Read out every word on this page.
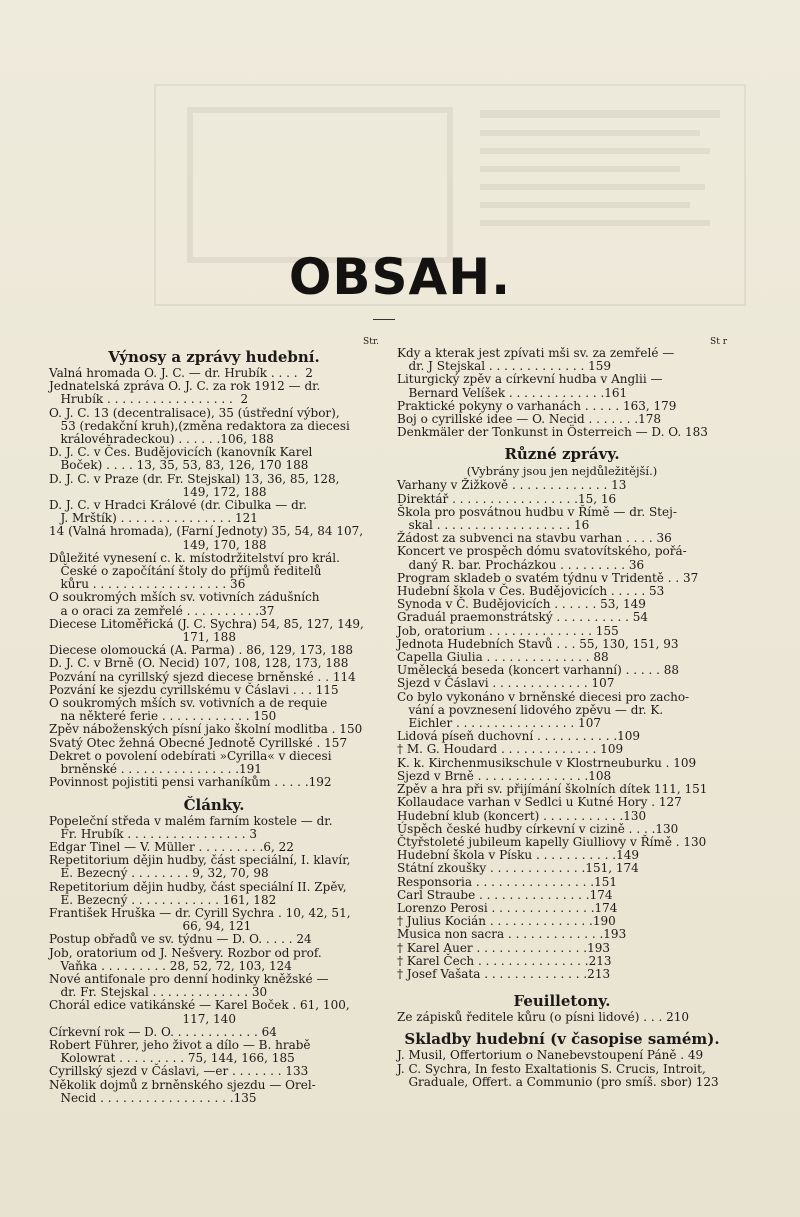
OBSAH.
Str.
Výnosy a zprávy hudební.
Valná hromada O. J. C. — dr. Hrubík . . . .  2
Jednatelská zpráva O. J. C. za rok 1912 — dr.
Hrubík . . . . . . . . . . . . . . . . .  2
O. J. C. 13 (decentralisace), 35 (ústřední výbor),
53 (redakční kruh),(změna redaktora za diecesi
královéhradeckou) . . . . . .106, 188
D. J. C. v Čes. Budějovicích (kanovník Karel
Boček) . . . . 13, 35, 53, 83, 126, 170 188
D. J. C. v Praze (dr. Fr. Stejskal) 13, 36, 85, 128,
149, 172, 188
D. J. C. v Hradci Králové (dr. Cibulka — dr.
J. Mrštík) . . . . . . . . . . . . . . . 121
14 (Valná hromada), (Farní Jednoty) 35, 54, 84 107,
149, 170, 188
Důležité vynesení c. k. místodržitelství pro král.
České o započítání štoly do příjmů ředitelů
kůru . . . . . . . . . . . . . . . . . . 36
O soukromých mších sv. votivních zádušních
a o oraci za zemřelé . . . . . . . . . .37
Diecese Litoměřická (J. C. Sychra) 54, 85, 127, 149,
171, 188
Diecese olomoucká (A. Parma) . 86, 129, 173, 188
D. J. C. v Brně (O. Necid) 107, 108, 128, 173, 188
Pozvání na cyrillský sjezd diecese brněnské . . 114
Pozvání ke sjezdu cyrillskému v Čáslavi . . . 115
O soukromých mších sv. votivních a de requie
na některé ferie . . . . . . . . . . . . 150
Zpěv náboženských písní jako školní modlitba . 150
Svatý Otec žehná Obecné Jednotě Cyrillské . 157
Dekret o povolení odebírati »Cyrilla« v diecesi
brněnské . . . . . . . . . . . . . . . .191
Povinnost pojistiti pensi varhaníkům . . . . .192
Články.
Popeleční středa v malém farním kostele — dr.
Fr. Hrubík . . . . . . . . . . . . . . . . 3
Edgar Tinel — V. Müller . . . . . . . . .6, 22
Repetitorium dějin hudby, část speciální, I. klavír,
E. Bezecný . . . . . . . . 9, 32, 70, 98
Repetitorium dějin hudby, část speciální II. Zpěv,
E. Bezecný . . . . . . . . . . . . 161, 182
František Hruška — dr. Cyrill Sychra . 10, 42, 51,
66, 94, 121
Postup obřadů ve sv. týdnu — D. O. . . . . 24
Job, oratorium od J. Nešvery. Rozbor od prof.
Vaňka . . . . . . . . . 28, 52, 72, 103, 124
Nové antifonale pro denní hodinky kněžské —
dr. Fr. Stejskal . . . . . . . . . . . . . 30
Chorál edice vatikánské — Karel Boček . 61, 100,
117, 140
Církevní rok — D. O. . . . . . . . . . . . 64
Robert Führer, jeho život a dílo — B. hrabě
Kolowrat . . . . . . . . . 75, 144, 166, 185
Cyrillský sjezd v Čáslavi, —er . . . . . . . 133
Několik dojmů z brněnského sjezdu — Orel-
Necid . . . . . . . . . . . . . . . . . .135
St r
Kdy a kterak jest zpívati mši sv. za zemřelé —
dr. J Stejskal . . . . . . . . . . . . . 159
Liturgický zpěv a církevní hudba v Anglii —
Bernard Velíšek . . . . . . . . . . . . .161
Praktické pokyny o varhanách . . . . . 163, 179
Boj o cyrillské idee — O. Necid . . . . . . .178
Denkmäler der Tonkunst in Österreich — D. O. 183
Různé zprávy.
(Vybrány jsou jen nejdůležitější.)
Varhany v Žižkově . . . . . . . . . . . . . 13
Direktář . . . . . . . . . . . . . . . . .15, 16
Škola pro posvátnou hudbu v Římě — dr. Stej-
skal . . . . . . . . . . . . . . . . . . 16
Žádost za subvenci na stavbu varhan . . . . 36
Koncert ve prospěch dómu svatovítského, pořá-
daný R. bar. Procházkou . . . . . . . . . 36
Program skladeb o svatém týdnu v Tridentě . . 37
Hudební škola v Čes. Budějovicích . . . . . 53
Synoda v Č. Budějovicích . . . . . . 53, 149
Graduál praemonstrátský . . . . . . . . . . 54
Job, oratorium . . . . . . . . . . . . . . 155
Jednota Hudebních Stavů . . . 55, 130, 151, 93
Capella Giulia . . . . . . . . . . . . . . 88
Umělecká beseda (koncert varhanní) . . . . . 88
Sjezd v Čáslavi . . . . . . . . . . . . . 107
Co bylo vykonáno v brněnské diecesi pro zacho-
vání a povznesení lidového zpěvu — dr. K.
Eichler . . . . . . . . . . . . . . . . 107
Lidová píseň duchovní . . . . . . . . . . .109
† M. G. Houdard . . . . . . . . . . . . . 109
K. k. Kirchenmusikschule v Klostrneuburku . 109
Sjezd v Brně . . . . . . . . . . . . . . .108
Zpěv a hra při sv. přijímání školních dítek 111, 151
Kollaudace varhan v Sedlci u Kutné Hory . 127
Hudební klub (koncert) . . . . . . . . . . .130
Úspěch české hudby církevní v cizině . . . .130
Čtyřstoleté jubileum kapelly Giulliovy v Římě . 130
Hudební škola v Písku . . . . . . . . . . .149
Státní zkoušky . . . . . . . . . . . . .151, 174
Responsoria . . . . . . . . . . . . . . . .151
Carl Straube . . . . . . . . . . . . . . .174
Lorenzo Perosi . . . . . . . . . . . . . .174
† Julius Kocián . . . . . . . . . . . . . .190
Musica non sacra . . . . . . . . . . . . .193
† Karel Auer . . . . . . . . . . . . . . .193
† Karel Čech . . . . . . . . . . . . . . .213
† Josef Vašata . . . . . . . . . . . . . .213
Feuilletony.
Ze zápisků ředitele kůru (o písni lidové) . . . 210
Skladby hudební (v časopise samém).
J. Musil, Offertorium o Nanebevstoupení Páně . 49
J. C. Sychra, In festo Exaltationis S. Crucis, Introit,
Graduale, Offert. a Communio (pro smíš. sbor) 123
